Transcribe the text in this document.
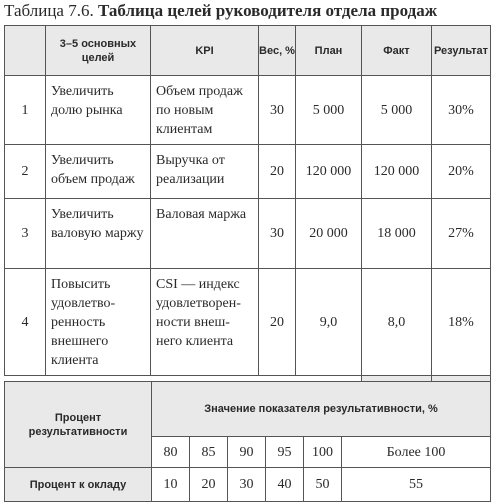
Таблица 7.6. Таблица целей руководителя отдела продаж
	3–5 основных целей	KPI	Вес, %	План	Факт	Результат
1	Увеличить долю рынка	Объем продаж по новым клиентам	30	5 000	5 000	30%
2	Увеличить объем продаж	Выручка от реализации	20	120 000	120 000	20%
3	Увеличить валовую маржу	Валовая маржа	30	20 000	18 000	27%
4	Повысить удовлетво-ренность внешнего клиента	CSI — индекс удовлетворен-ности внеш-него клиента	20	9,0	8,0	18%

Процент результативности	Значение показателя результативности, %					
	80	85	90	95	100	Более 100
Процент к окладу	10	20	30	40	50	55
